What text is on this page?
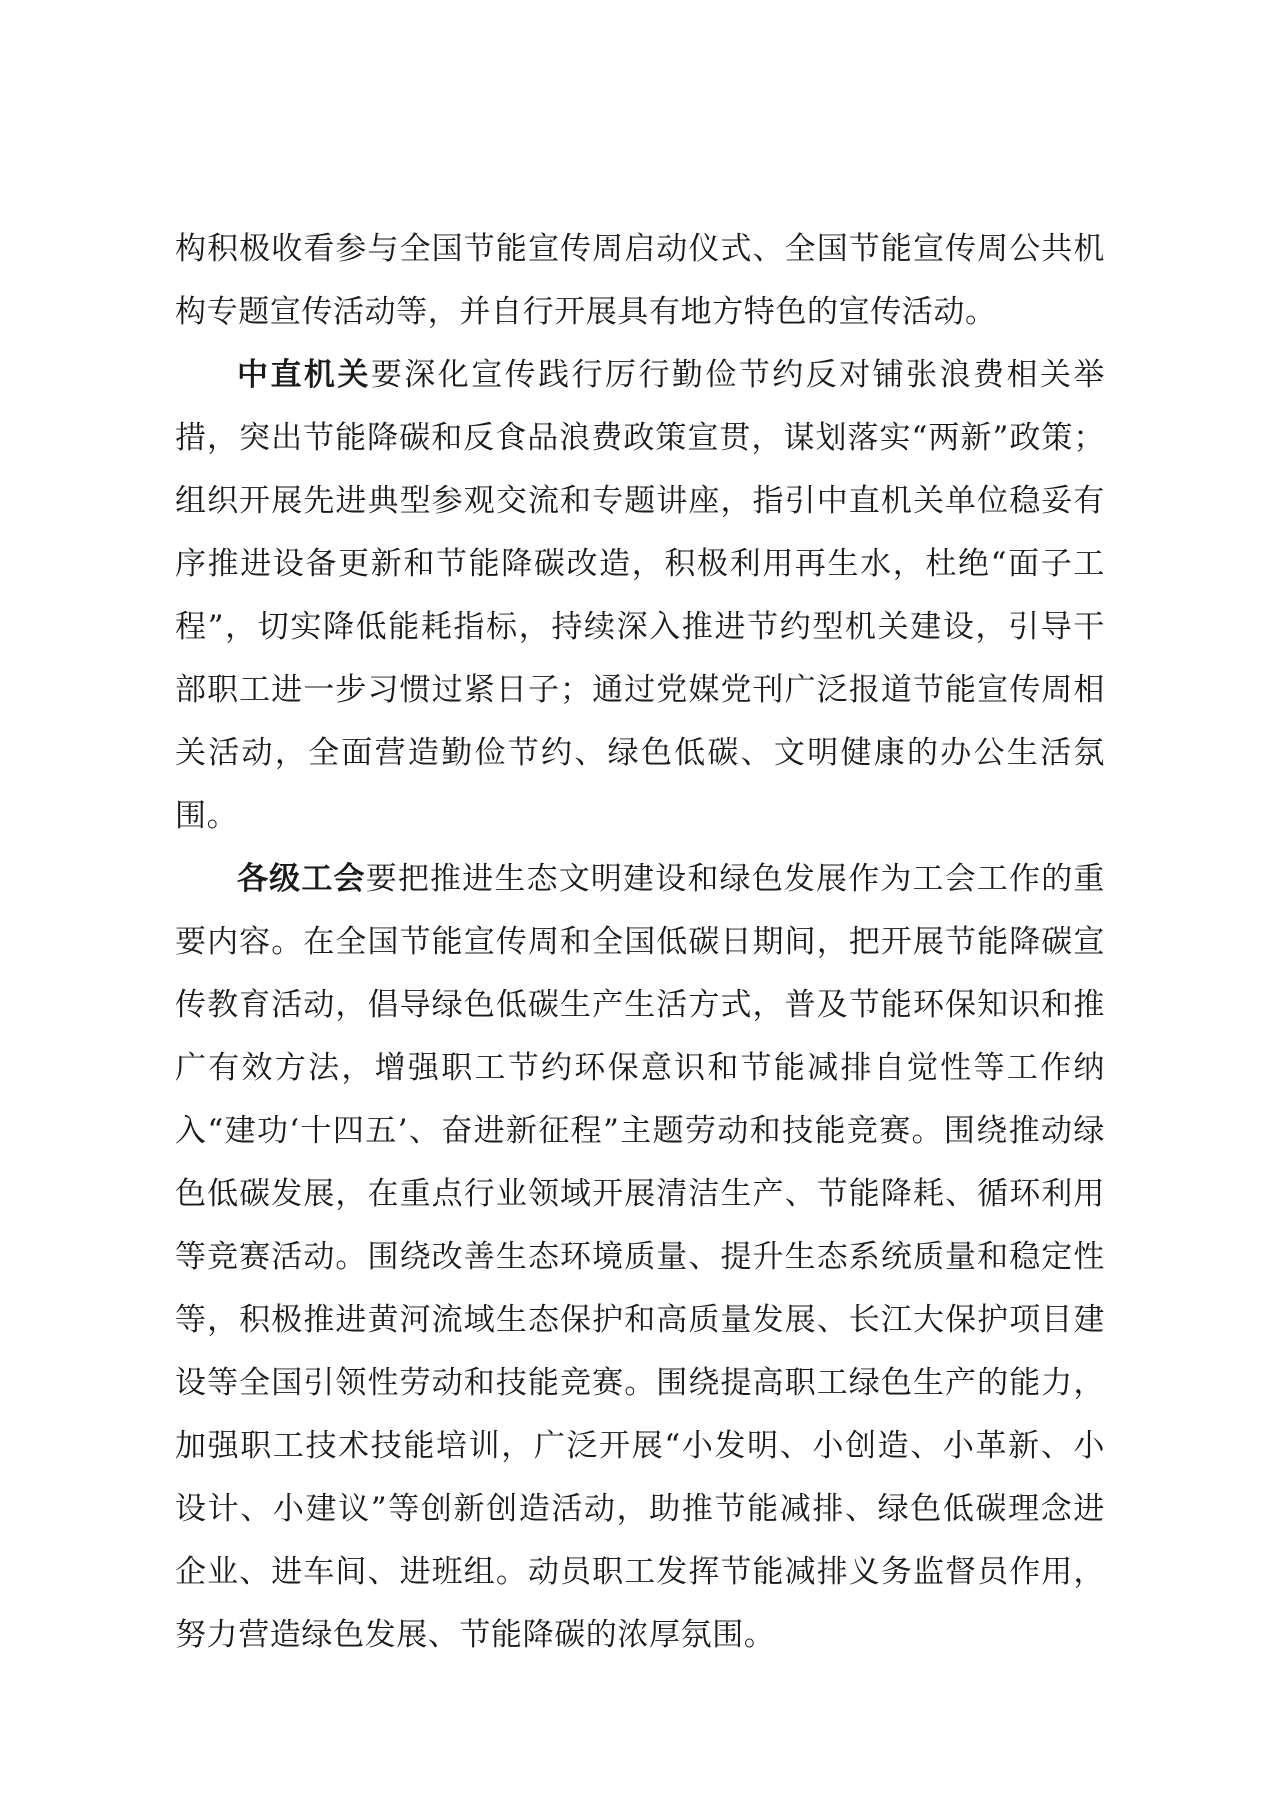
构积极收看参与全国节能宣传周启动仪式、全国节能宣传周公共机构专题宣传活动等，并自行开展具有地方特色的宣传活动。

中直机关要深化宣传践行厉行勤俭节约反对铺张浪费相关举措，突出节能降碳和反食品浪费政策宣贯，谋划落实“两新”政策；组织开展先进典型参观交流和专题讲座，指引中直机关单位稳妥有序推进设备更新和节能降碳改造，积极利用再生水，杜绝“面子工程”，切实降低能耗指标，持续深入推进节约型机关建设，引导干部职工进一步习惯过紧日子；通过党媒党刊广泛报道节能宣传周相关活动，全面营造勤俭节约、绿色低碳、文明健康的办公生活氛围。

各级工会要把推进生态文明建设和绿色发展作为工会工作的重要内容。在全国节能宣传周和全国低碳日期间，把开展节能降碳宣传教育活动，倡导绿色低碳生产生活方式，普及节能环保知识和推广有效方法，增强职工节约环保意识和节能减排自觉性等工作纳入“建功‘十四五’、奋进新征程”主题劳动和技能竞赛。围绕推动绿色低碳发展，在重点行业领域开展清洁生产、节能降耗、循环利用等竞赛活动。围绕改善生态环境质量、提升生态系统质量和稳定性等，积极推进黄河流域生态保护和高质量发展、长江大保护项目建设等全国引领性劳动和技能竞赛。围绕提高职工绿色生产的能力，加强职工技术技能培训，广泛开展“小发明、小创造、小革新、小设计、小建议”等创新创造活动，助推节能减排、绿色低碳理念进企业、进车间、进班组。动员职工发挥节能减排义务监督员作用，努力营造绿色发展、节能降碳的浓厚氛围。
